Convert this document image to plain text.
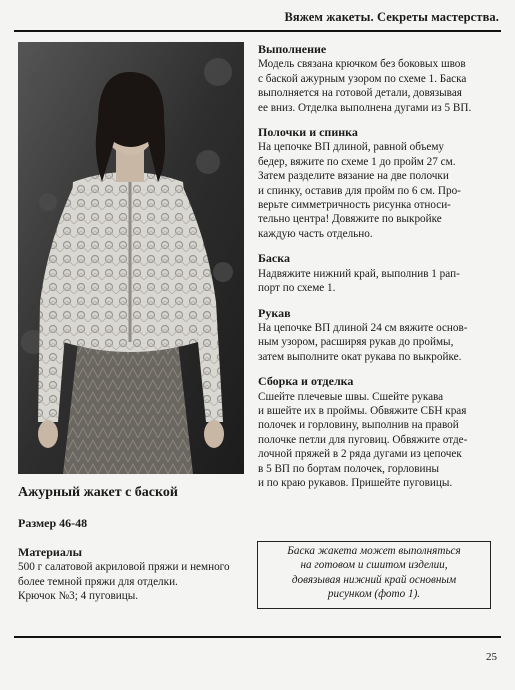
Вяжем жакеты. Секреты мастерства.
Выполнение
Модель связана крючком без боковых швов
с баской ажурным узором по схеме 1. Баска
выполняется на готовой детали, довязывая
ее вниз. Отделка выполнена дугами из 5 ВП.
Полочки и спинка
На цепочке ВП длиной, равной объему
бедер, вяжите по схеме 1 до пройм 27 см.
Затем разделите вязание на две полочки
и спинку, оставив для пройм по 6 см. Про-
верьте симметричность рисунка относи-
тельно центра! Довяжите по выкройке
каждую часть отдельно.
Баска
Надвяжите нижний край, выполнив 1 рап-
порт по схеме 1.
Рукав
На цепочке ВП длиной 24 см вяжите основ-
ным узором, расширяя рукав до проймы,
затем выполните окат рукава по выкройке.
Сборка и отделка
Сшейте плечевые швы. Сшейте рукава
и вшейте их в проймы. Обвяжите СБН края
полочек и горловину, выполнив на правой
полочке петли для пуговиц. Обвяжите отде-
лочной пряжей в 2 ряда дугами из цепочек
в 5 ВП по бортам полочек, горловины
и по краю рукавов. Пришейте пуговицы.
Ажурный жакет с баской
Размер 46-48
Материалы
500 г салатовой акриловой пряжи и немного
более темной пряжи для отделки.
Крючок №3; 4 пуговицы.
Баска жакета может выполняться
на готовом и сшитом изделии,
довязывая нижний край основным
рисунком (фото 1).
25
